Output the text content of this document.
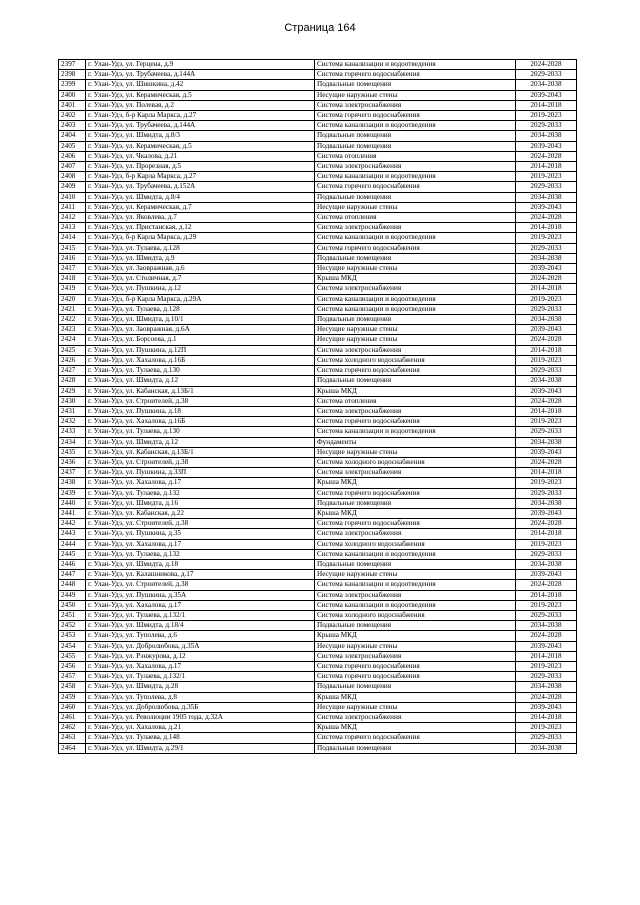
Страница 164
2397	г. Улан-Удэ, ул. Герцена, д.9	Система канализации и водоотведения	2024-2028
2398	г. Улан-Удэ, ул. Трубачеева, д.144А	Система горячего водоснабжения	2029-2033
2399	г. Улан-Удэ, ул. Шишкина, д.42	Подвальные помещения	2034-2038
2400	г. Улан-Удэ, ул. Керамическая, д.5	Несущие наружные стены	2039-2043
2401	г. Улан-Удэ, ул. Полевая, д.2	Система электроснабжения	2014-2018
2402	г. Улан-Удэ, б-р Карла Маркса, д.27	Система горячего водоснабжения	2019-2023
2403	г. Улан-Удэ, ул. Трубачеева, д.144А	Система канализации и водоотведения	2029-2033
2404	г. Улан-Удэ, ул. Шмидта, д.8/3	Подвальные помещения	2034-2038
2405	г. Улан-Удэ, ул. Керамическая, д.5	Подвальные помещения	2039-2043
2406	г. Улан-Удэ, ул. Чкалова, д.21	Система отопления	2024-2028
2407	г. Улан-Удэ, ул. Прорезная, д.5	Система электроснабжения	2014-2018
2408	г. Улан-Удэ, б-р Карла Маркса, д.27	Система канализации и водоотведения	2019-2023
2409	г. Улан-Удэ, ул. Трубачеева, д.152А	Система горячего водоснабжения	2029-2033
2410	г. Улан-Удэ, ул. Шмидта, д.8/4	Подвальные помещения	2034-2038
2411	г. Улан-Удэ, ул. Керамическая, д.7	Несущие наружные стены	2039-2043
2412	г. Улан-Удэ, ул. Яковлева, д.7	Система отопления	2024-2028
2413	г. Улан-Удэ, ул. Пристанская, д.12	Система электроснабжения	2014-2018
2414	г. Улан-Удэ, б-р Карла Маркса, д.29	Система канализации и водоотведения	2019-2023
2415	г. Улан-Удэ, ул. Тулаева, д.128	Система горячего водоснабжения	2029-2033
2416	г. Улан-Удэ, ул. Шмидта, д.9	Подвальные помещения	2034-2038
2417	г. Улан-Удэ, ул. Заовражная, д.6	Несущие наружные стены	2039-2043
2418	г. Улан-Удэ, ул. Столичная, д.7	Крыша МКД	2024-2028
2419	г. Улан-Удэ, ул. Пушкина, д.12	Система электроснабжения	2014-2018
2420	г. Улан-Удэ, б-р Карла Маркса, д.29А	Система канализации и водоотведения	2019-2023
2421	г. Улан-Удэ, ул. Тулаева, д.128	Система канализации и водоотведения	2029-2033
2422	г. Улан-Удэ, ул. Шмидта, д.10/1	Подвальные помещения	2034-2038
2423	г. Улан-Удэ, ул. Заовражная, д.6А	Несущие наружные стены	2039-2043
2424	г. Улан-Удэ, ул. Борсоева, д.1	Несущие наружные стены	2024-2028
2425	г. Улан-Удэ, ул. Пушкина, д.12П	Система электроснабжения	2014-2018
2426	г. Улан-Удэ, ул. Хахалова, д.16Б	Система холодного водоснабжения	2019-2023
2427	г. Улан-Удэ, ул. Тулаева, д.130	Система горячего водоснабжения	2029-2033
2428	г. Улан-Удэ, ул. Шмидта, д.12	Подвальные помещения	2034-2038
2429	г. Улан-Удэ, ул. Кабанская, д.13Б/1	Крыша МКД	2039-2043
2430	г. Улан-Удэ, ул. Строителей, д.38	Система отопления	2024-2028
2431	г. Улан-Удэ, ул. Пушкина, д.18	Система электроснабжения	2014-2018
2432	г. Улан-Удэ, ул. Хахалова, д.16Б	Система горячего водоснабжения	2019-2023
2433	г. Улан-Удэ, ул. Тулаева, д.130	Система канализации и водоотведения	2029-2033
2434	г. Улан-Удэ, ул. Шмидта, д.12	Фундаменты	2034-2038
2435	г. Улан-Удэ, ул. Кабанская, д.13Б/1	Несущие наружные стены	2039-2043
2436	г. Улан-Удэ, ул. Строителей, д.38	Система холодного водоснабжения	2024-2028
2437	г. Улан-Удэ, ул. Пушкина, д.33П	Система электроснабжения	2014-2018
2438	г. Улан-Удэ, ул. Хахалова, д.17	Крыша МКД	2019-2023
2439	г. Улан-Удэ, ул. Тулаева, д.132	Система горячего водоснабжения	2029-2033
2440	г. Улан-Удэ, ул. Шмидта, д.16	Подвальные помещения	2034-2038
2441	г. Улан-Удэ, ул. Кабанская, д.22	Крыша МКД	2039-2043
2442	г. Улан-Удэ, ул. Строителей, д.38	Система горячего водоснабжения	2024-2028
2443	г. Улан-Удэ, ул. Пушкина, д.35	Система электроснабжения	2014-2018
2444	г. Улан-Удэ, ул. Хахалова, д.17	Система холодного водоснабжения	2019-2023
2445	г. Улан-Удэ, ул. Тулаева, д.132	Система канализации и водоотведения	2029-2033
2446	г. Улан-Удэ, ул. Шмидта, д.18	Подвальные помещения	2034-2038
2447	г. Улан-Удэ, ул. Калашникова, д.17	Несущие наружные стены	2039-2043
2448	г. Улан-Удэ, ул. Строителей, д.38	Система канализации и водоотведения	2024-2028
2449	г. Улан-Удэ, ул. Пушкина, д.35А	Система электроснабжения	2014-2018
2450	г. Улан-Удэ, ул. Хахалова, д.17	Система канализации и водоотведения	2019-2023
2451	г. Улан-Удэ, ул. Тулаева, д.132/1	Система холодного водоснабжения	2029-2033
2452	г. Улан-Удэ, ул. Шмидта, д.18/4	Подвальные помещения	2034-2038
2453	г. Улан-Удэ, ул. Туполева, д.6	Крыша МКД	2024-2028
2454	г. Улан-Удэ, ул. Добролюбова, д.35А	Несущие наружные стены	2039-2043
2455	г. Улан-Удэ, ул. Рэнжурова, д.12	Система электроснабжения	2014-2018
2456	г. Улан-Удэ, ул. Хахалова, д.17	Система горячего водоснабжения	2019-2023
2457	г. Улан-Удэ, ул. Тулаева, д.132/1	Система горячего водоснабжения	2029-2033
2458	г. Улан-Удэ, ул. Шмидта, д.28	Подвальные помещения	2034-2038
2459	г. Улан-Удэ, ул. Туполева, д.8	Крыша МКД	2024-2028
2460	г. Улан-Удэ, ул. Добролюбова, д.35Б	Несущие наружные стены	2039-2043
2461	г. Улан-Удэ, ул. Революции 1905 года, д.32А	Система электроснабжения	2014-2018
2462	г. Улан-Удэ, ул. Хахалова, д.21	Крыша МКД	2019-2023
2463	г. Улан-Удэ, ул. Тулаева, д.148	Система горячего водоснабжения	2029-2033
2464	г. Улан-Удэ, ул. Шмидта, д.29/1	Подвальные помещения	2034-2038
